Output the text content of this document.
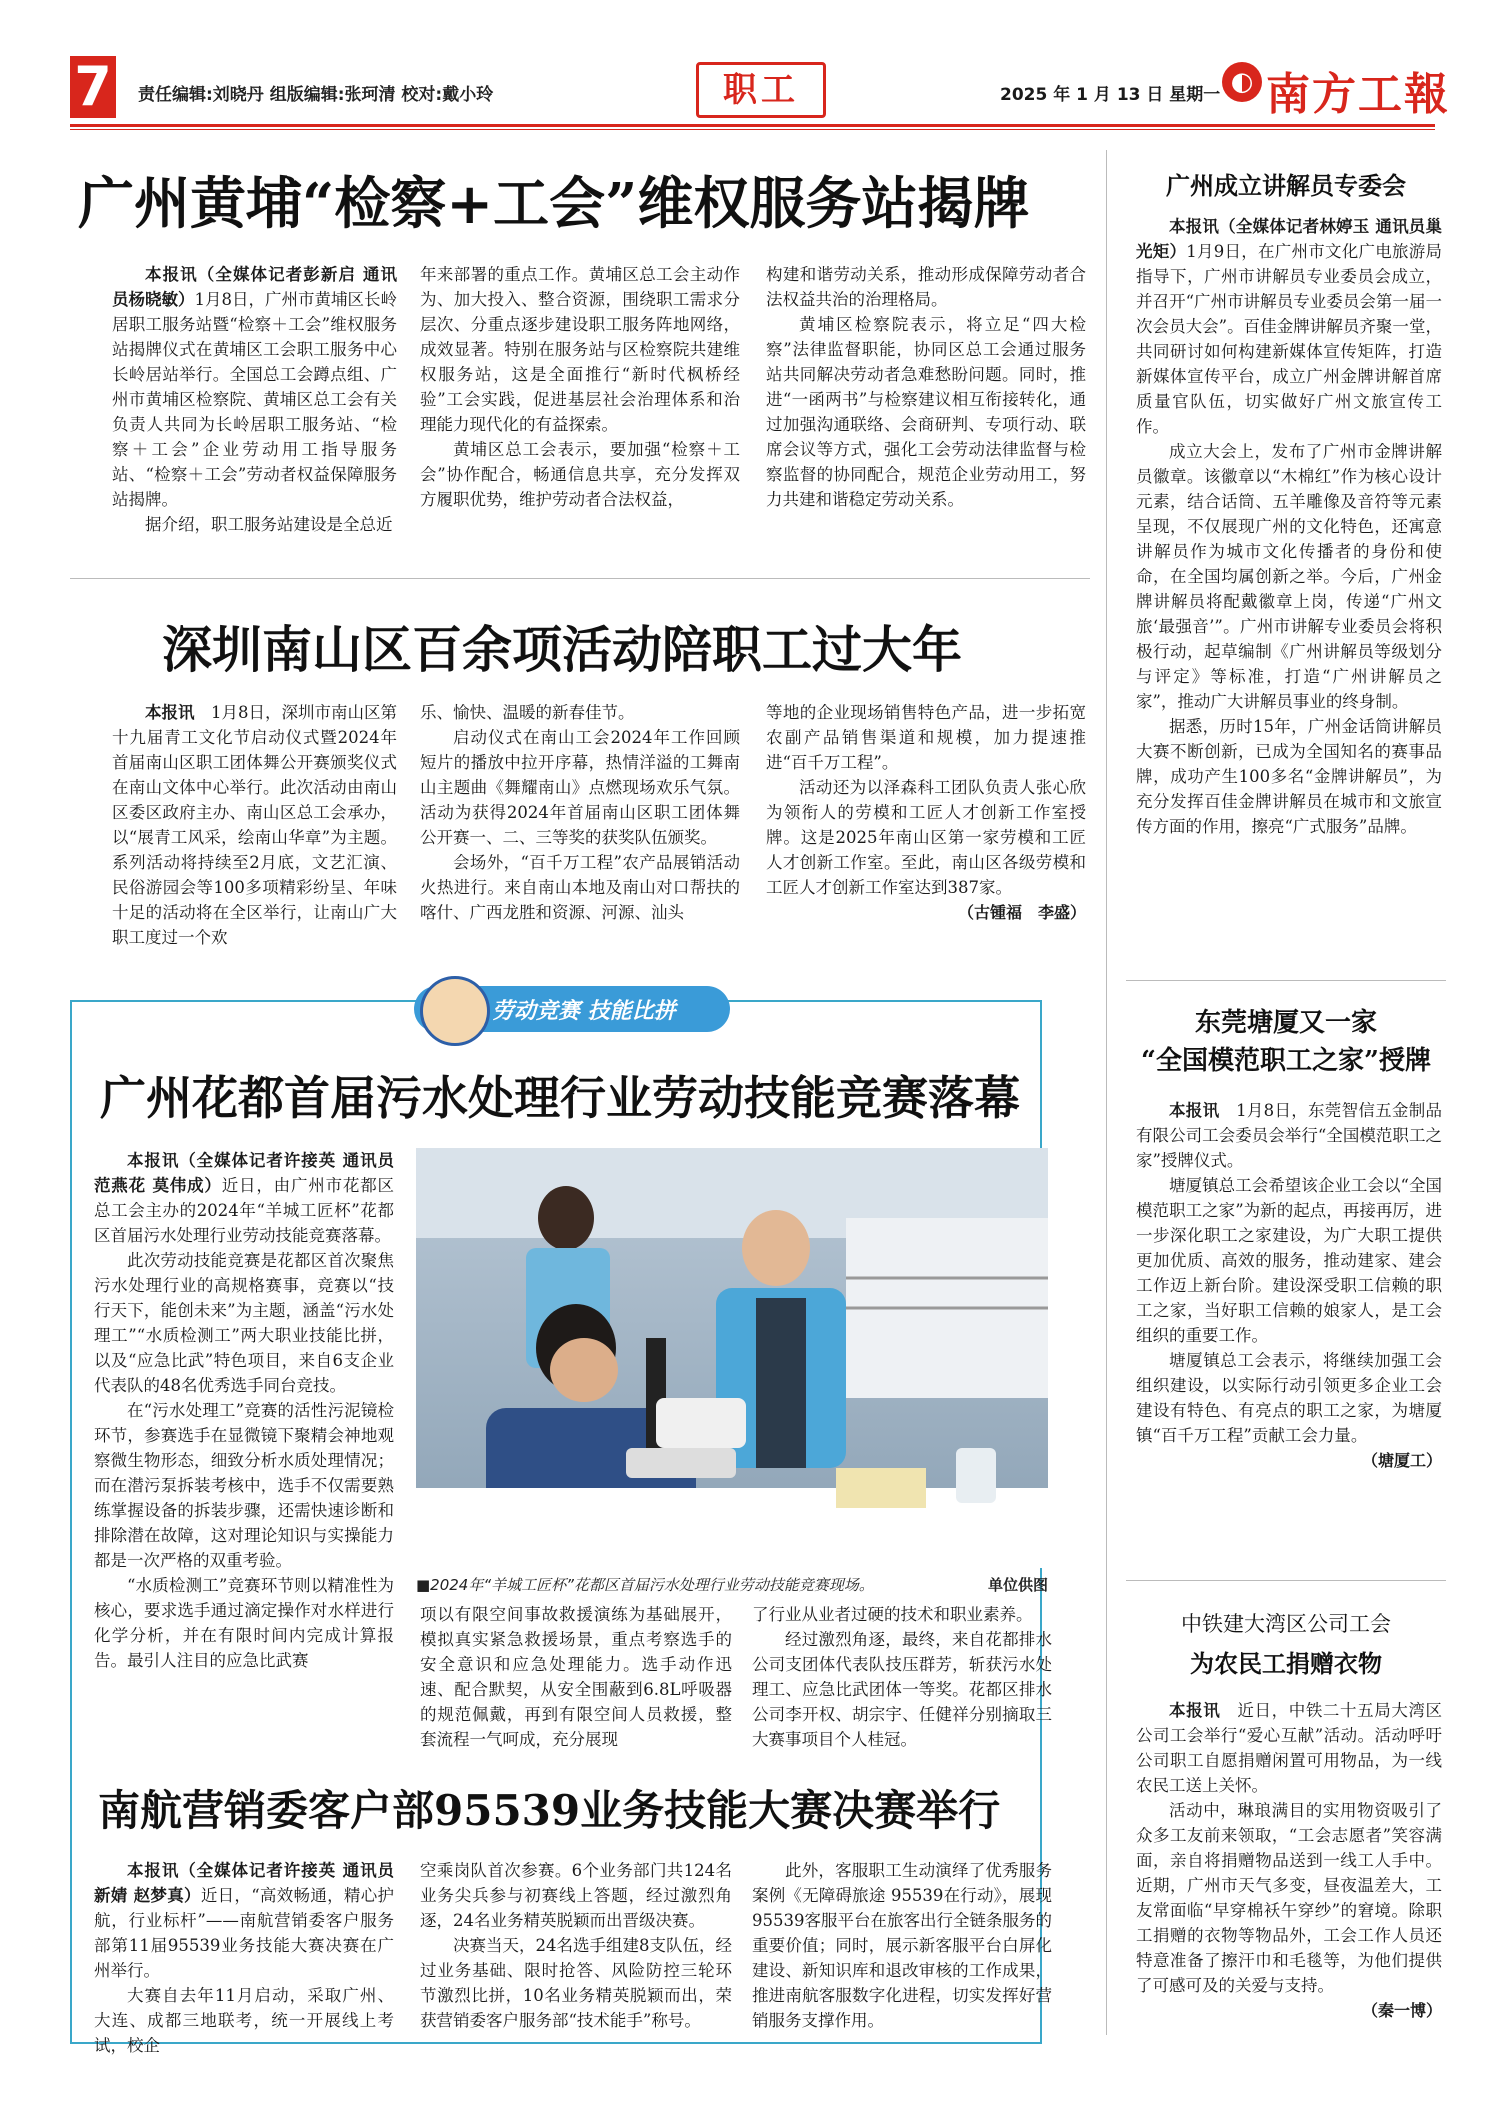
7 责任编辑:刘晓丹 组版编辑:张珂清 校对:戴小玲	职工	2025 年 1 月 13 日 星期一 ◐ 南方工報
广州黄埔“检察+工会”维权服务站揭牌

本报讯（全媒体记者彭新启 通讯员杨晓敏）1月8日，广州市黄埔区长岭居职工服务站暨“检察＋工会”维权服务站揭牌仪式在黄埔区工会职工服务中心长岭居站举行。全国总工会蹲点组、广州市黄埔区检察院、黄埔区总工会有关负责人共同为长岭居职工服务站、“检察＋工会”企业劳动用工指导服务站、“检察＋工会”劳动者权益保障服务站揭牌。

据介绍，职工服务站建设是全总近

年来部署的重点工作。黄埔区总工会主动作为、加大投入、整合资源，围绕职工需求分层次、分重点逐步建设职工服务阵地网络，成效显著。特别在服务站与区检察院共建维权服务站，这是全面推行“新时代枫桥经验”工会实践，促进基层社会治理体系和治理能力现代化的有益探索。

黄埔区总工会表示，要加强“检察＋工会”协作配合，畅通信息共享，充分发挥双方履职优势，维护劳动者合法权益，

构建和谐劳动关系，推动形成保障劳动者合法权益共治的治理格局。

黄埔区检察院表示，将立足“四大检察”法律监督职能，协同区总工会通过服务站共同解决劳动者急难愁盼问题。同时，推进“一函两书”与检察建议相互衔接转化，通过加强沟通联络、会商研判、专项行动、联席会议等方式，强化工会劳动法律监督与检察监督的协同配合，规范企业劳动用工，努力共建和谐稳定劳动关系。

深圳南山区百余项活动陪职工过大年

本报讯　 1月8日，深圳市南山区第十九届青工文化节启动仪式暨2024年首届南山区职工团体舞公开赛颁奖仪式在南山文体中心举行。此次活动由南山区委区政府主办、南山区总工会承办，以“展青工风采，绘南山华章”为主题。系列活动将持续至2月底，文艺汇演、民俗游园会等100多项精彩纷呈、年味十足的活动将在全区举行，让南山广大职工度过一个欢

乐、愉快、温暖的新春佳节。

启动仪式在南山工会2024年工作回顾短片的播放中拉开序幕，热情洋溢的工舞南山主题曲《舞耀南山》点燃现场欢乐气氛。活动为获得2024年首届南山区职工团体舞公开赛一、二、三等奖的获奖队伍颁奖。

会场外，“百千万工程”农产品展销活动火热进行。来自南山本地及南山对口帮扶的喀什、广西龙胜和资源、河源、汕头

等地的企业现场销售特色产品，进一步拓宽农副产品销售渠道和规模，加力提速推进“百千万工程”。

活动还为以泽森科工团队负责人张心欣为领衔人的劳模和工匠人才创新工作室授牌。这是2025年南山区第一家劳模和工匠人才创新工作室。至此，南山区各级劳模和工匠人才创新工作室达到387家。

（古锺福　李盛）
劳动竞赛 技能比拼
广州花都首届污水处理行业劳动技能竞赛落幕

本报讯（全媒体记者许接英 通讯员范燕花 莫伟成）近日，由广州市花都区总工会主办的2024年“羊城工匠杯”花都区首届污水处理行业劳动技能竞赛落幕。

此次劳动技能竞赛是花都区首次聚焦污水处理行业的高规格赛事，竞赛以“技行天下，能创未来”为主题，涵盖“污水处理工”“水质检测工”两大职业技能比拼，以及“应急比武”特色项目，来自6支企业代表队的48名优秀选手同台竞技。

在“污水处理工”竞赛的活性污泥镜检环节，参赛选手在显微镜下聚精会神地观察微生物形态，细致分析水质处理情况；而在潜污泵拆装考核中，选手不仅需要熟练掌握设备的拆装步骤，还需快速诊断和排除潜在故障，这对理论知识与实操能力都是一次严格的双重考验。

“水质检测工”竞赛环节则以精准性为核心，要求选手通过滴定操作对水样进行化学分析，并在有限时间内完成计算报告。最引人注目的应急比武赛

■2024年“羊城工匠杯”花都区首届污水处理行业劳动技能竞赛现场。	单位供图

项以有限空间事故救援演练为基础展开，模拟真实紧急救援场景，重点考察选手的安全意识和应急处理能力。选手动作迅速、配合默契，从安全围蔽到6.8L呼吸器的规范佩戴，再到有限空间人员救援，整套流程一气呵成，充分展现

了行业从业者过硬的技术和职业素养。

经过激烈角逐，最终，来自花都排水公司支团体代表队技压群芳，斩获污水处理工、应急比武团体一等奖。花都区排水公司李开权、胡宗宇、任健祥分别摘取三大赛事项目个人桂冠。

南航营销委客户部95539业务技能大赛决赛举行

本报讯（全媒体记者许接英 通讯员新婧 赵梦真）近日，“高效畅通，精心护航，行业标杆”——南航营销委客户服务部第11届95539业务技能大赛决赛在广州举行。

大赛自去年11月启动，采取广州、大连、成都三地联考，统一开展线上考试，校企

空乘岗队首次参赛。6个业务部门共124名业务尖兵参与初赛线上答题，经过激烈角逐，24名业务精英脱颖而出晋级决赛。

决赛当天，24名选手组建8支队伍，经过业务基础、限时抢答、风险防控三轮环节激烈比拼，10名业务精英脱颖而出，荣获营销委客户服务部“技术能手”称号。

此外，客服职工生动演绎了优秀服务案例《无障碍旅途 95539在行动》，展现95539客服平台在旅客出行全链条服务的重要价值；同时，展示新客服平台白屏化建设、新知识库和退改审核的工作成果，推进南航客服数字化进程，切实发挥好营销服务支撑作用。

广州成立讲解员专委会

本报讯（全媒体记者林婷玉 通讯员巢光矩）1月9日，在广州市文化广电旅游局指导下，广州市讲解员专业委员会成立，并召开“广州市讲解员专业委员会第一届一次会员大会”。百佳金牌讲解员齐聚一堂，共同研讨如何构建新媒体宣传矩阵，打造新媒体宣传平台，成立广州金牌讲解首席质量官队伍，切实做好广州文旅宣传工作。

成立大会上，发布了广州市金牌讲解员徽章。该徽章以“木棉红”作为核心设计元素，结合话筒、五羊雕像及音符等元素呈现，不仅展现广州的文化特色，还寓意讲解员作为城市文化传播者的身份和使命，在全国均属创新之举。今后，广州金牌讲解员将配戴徽章上岗，传递“广州文旅‘最强音’”。广州市讲解专业委员会将积极行动，起草编制《广州讲解员等级划分与评定》等标准，打造“广州讲解员之家”，推动广大讲解员事业的终身制。

据悉，历时15年，广州金话筒讲解员大赛不断创新，已成为全国知名的赛事品牌，成功产生100多名“金牌讲解员”，为充分发挥百佳金牌讲解员在城市和文旅宣传方面的作用，擦亮“广式服务”品牌。

东莞塘厦又一家
“全国模范职工之家”授牌

本报讯　 1月8日，东莞智信五金制品有限公司工会委员会举行“全国模范职工之家”授牌仪式。

塘厦镇总工会希望该企业工会以“全国模范职工之家”为新的起点，再接再厉，进一步深化职工之家建设，为广大职工提供更加优质、高效的服务，推动建家、建会工作迈上新台阶。建设深受职工信赖的职工之家，当好职工信赖的娘家人，是工会组织的重要工作。

塘厦镇总工会表示，将继续加强工会组织建设，以实际行动引领更多企业工会建设有特色、有亮点的职工之家，为塘厦镇“百千万工程”贡献工会力量。

（塘厦工）
中铁建大湾区公司工会
为农民工捐赠衣物

本报讯　 近日，中铁二十五局大湾区公司工会举行“爱心互献”活动。活动呼吁公司职工自愿捐赠闲置可用物品，为一线农民工送上关怀。

活动中，琳琅满目的实用物资吸引了众多工友前来领取，“工会志愿者”笑容满面，亲自将捐赠物品送到一线工人手中。近期，广州市天气多变，昼夜温差大，工友常面临“早穿棉袄午穿纱”的窘境。除职工捐赠的衣物等物品外，工会工作人员还特意准备了擦汗巾和毛毯等，为他们提供了可感可及的关爱与支持。

（秦一博）
